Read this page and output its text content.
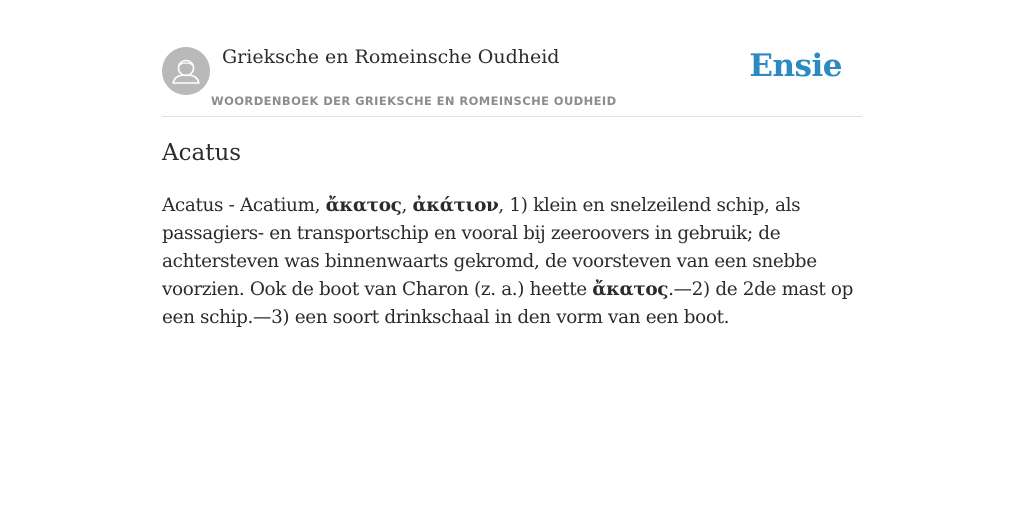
Grieksche en Romeinsche Oudheid
WOORDENBOEK DER GRIEKSCHE EN ROMEINSCHE OUDHEID
Ensie
Acatus

Acatus - Acatium, ἄκατος, ἀκάτιον, 1) klein en snelzeilend schip, als passagiers- en transportschip en vooral bij zeeroovers in gebruik; de achtersteven was binnenwaarts gekromd, de voorsteven van een snebbe voorzien. Ook de boot van Charon (z. a.) heette ἄκατος.—2) de 2de mast op een schip.—3) een soort drinkschaal in den vorm van een boot.
